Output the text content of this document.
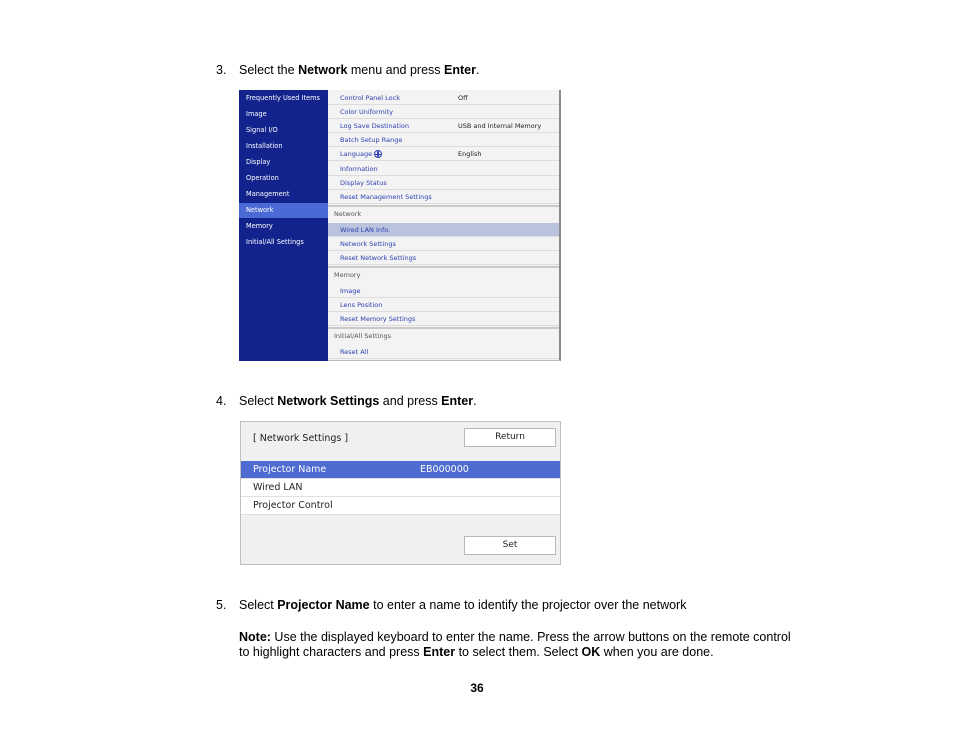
3. Select the Network menu and press Enter.
Frequently Used Items
Image
Signal I/O
Installation
Display
Operation
Management
Network
Memory
Initial/All Settings
Control Panel Lock	Off
Color Uniformity
Log Save Destination	USB and Internal Memory
Batch Setup Range
Language	English
Information
Display Status
Reset Management Settings
Network
Wired LAN Info.
Network Settings
Reset Network Settings
Memory
Image
Lens Position
Reset Memory Settings
Initial/All Settings
Reset All
4. Select Network Settings and press Enter.
[ Network Settings ]	Return
Projector Name	EB000000
Wired LAN
Projector Control
Set
5. Select Projector Name to enter a name to identify the projector over the network
Note: Use the displayed keyboard to enter the name. Press the arrow buttons on the remote control
to highlight characters and press Enter to select them. Select OK when you are done.
36
